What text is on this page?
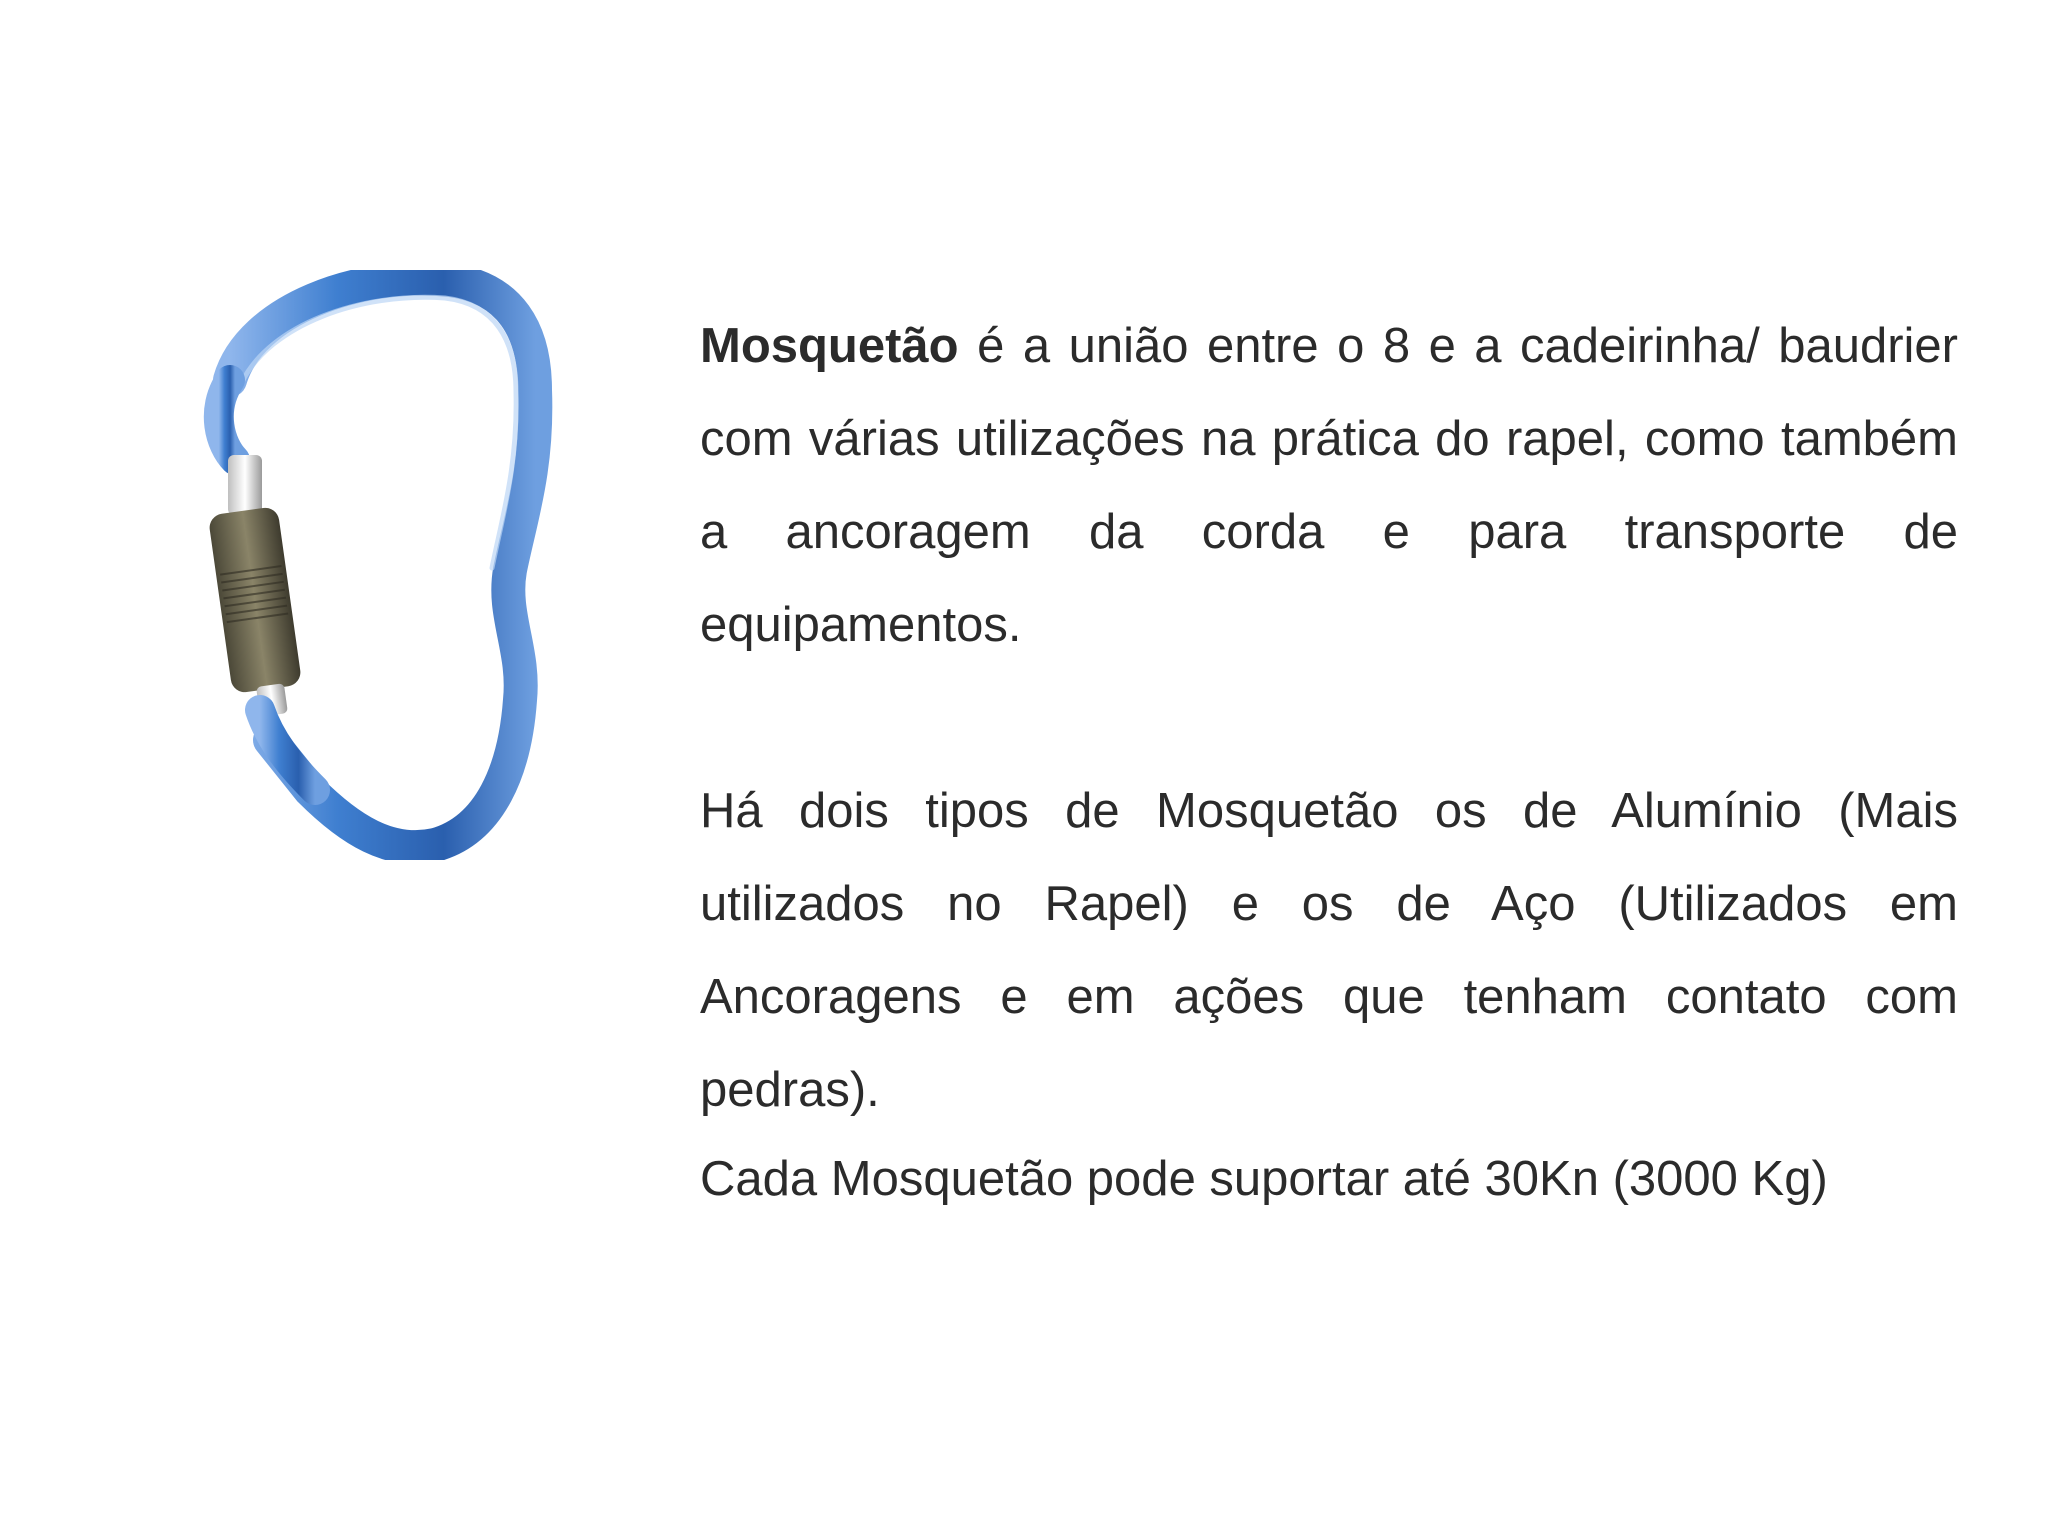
Mosquetão é a união entre o 8 e a cadeirinha/ baudrier com várias utilizações na prática do rapel, como também a ancoragem da corda e para transporte de equipamentos.

Há dois tipos de Mosquetão os de Alumínio (Mais utilizados no Rapel) e os de Aço (Utilizados em Ancoragens e em ações que tenham contato com pedras).

Cada Mosquetão pode suportar até 30Kn (3000 Kg)
